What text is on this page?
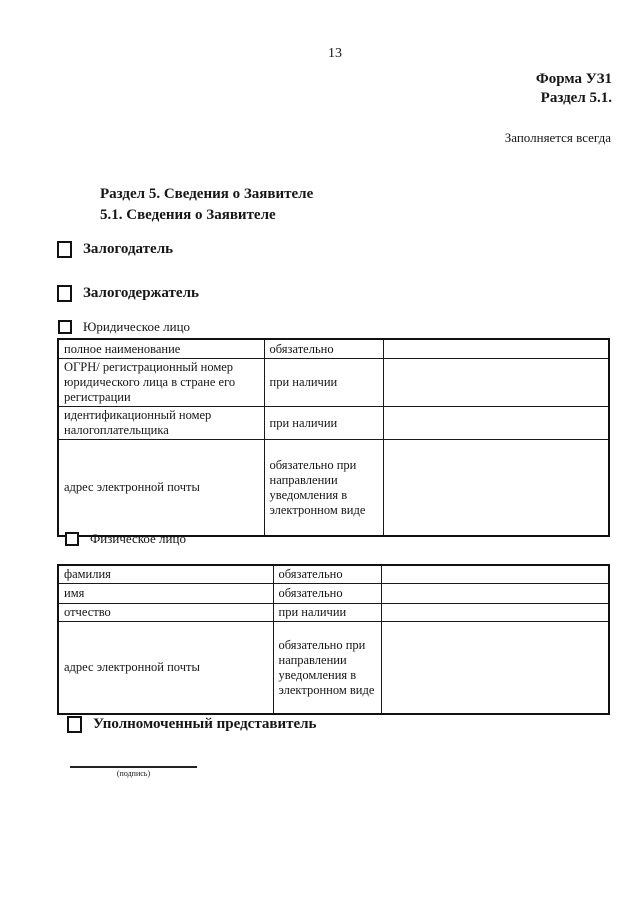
13
Форма УЗ1
Раздел 5.1.
Заполняется всегда
Раздел 5. Сведения о Заявителе
5.1. Сведения о Заявителе
Залогодатель
Залогодержатель
Юридическое лицо
полное наименование	обязательно	
ОГРН/ регистрационный номер юридического лица в стране его регистрации	при наличии	
идентификационный номер налогоплательщика	при наличии	
адрес электронной почты	обязательно при направлении уведомления в электронном виде	
Физическое лицо
фамилия	обязательно	
имя	обязательно	
отчество	при наличии	
адрес электронной почты	обязательно при направлении уведомления в электронном виде	
Уполномоченный представитель
(подпись)
